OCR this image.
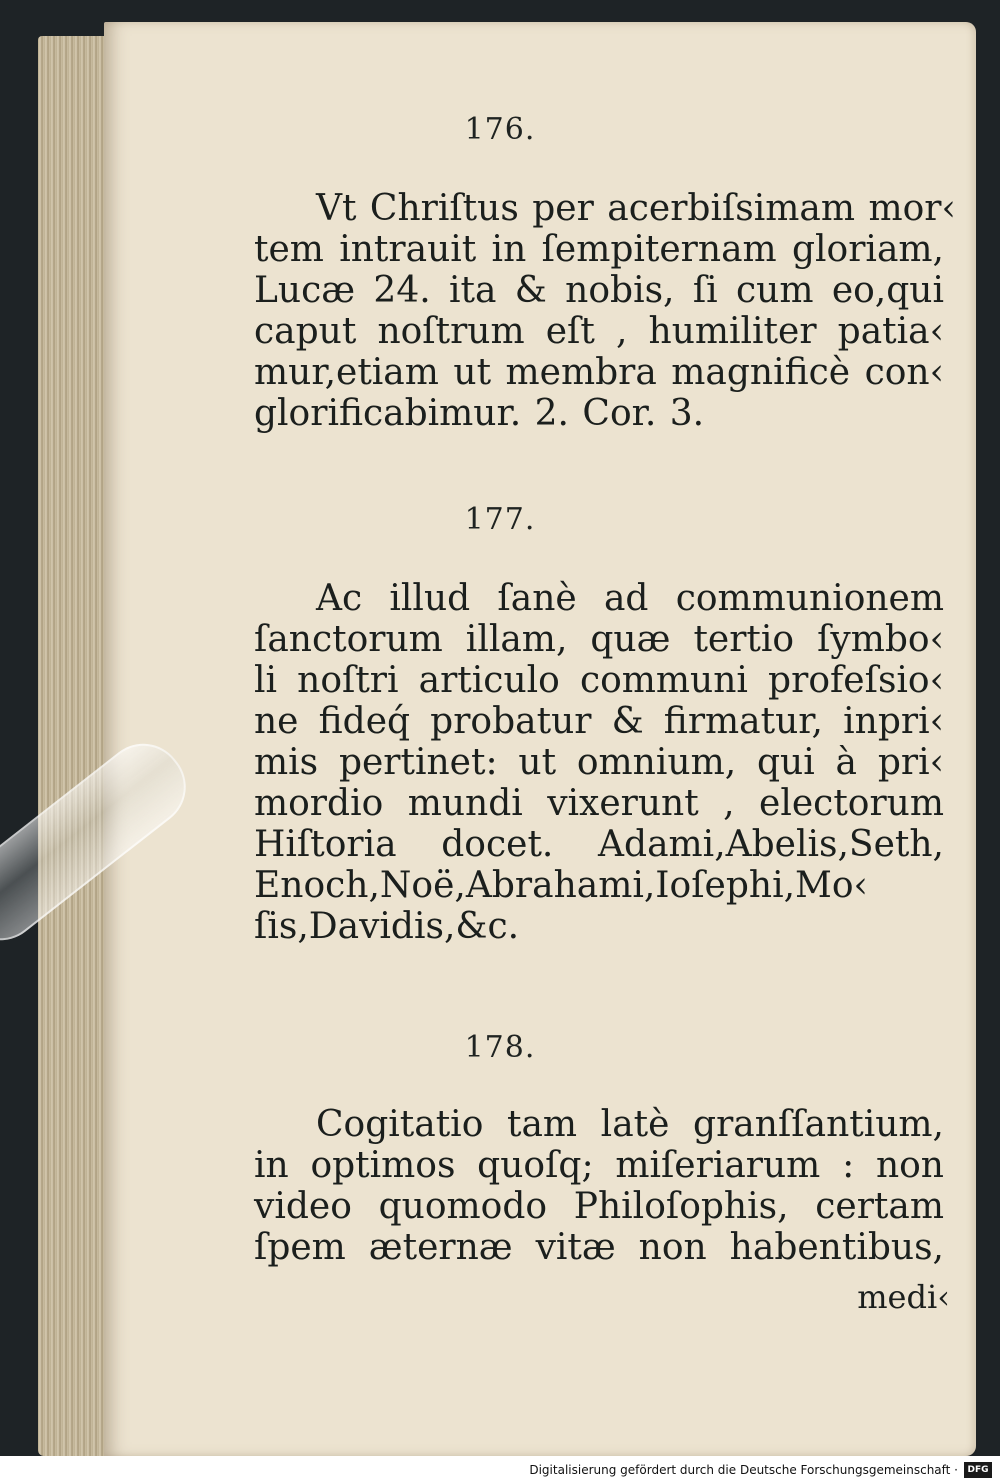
176.
Vt Chriſtus per acerbiſsimam mor‹
tem intrauit in ſempiternam gloriam,
Lucæ 24. ita & nobis, ſi cum eo,qui
caput noſtrum eſt , humiliter patia‹
mur,etiam ut membra magnificè con‹
glorificabimur. 2. Cor. 3.
177.
Ac illud ſanè ad communionem
ſanctorum illam, quæ tertio ſymbo‹
li noſtri articulo communi profeſsio‹
ne fideq́ probatur & firmatur, inpri‹
mis pertinet: ut omnium, qui à pri‹
mordio mundi vixerunt , electorum
Hiſtoria docet. Adami,Abelis,Seth,
Enoch,Noë,Abrahami,Ioſephi,Mo‹
ſis,Davidis,&c.
178.
Cogitatio tam latè granſſantium,
in optimos quoſq; miſeriarum : non
video quomodo Philoſophis, certam
ſpem æternæ vitæ non habentibus,
medi‹
Digitalisierung gefördert durch die Deutsche Forschungsgemeinschaft ·	DFG
